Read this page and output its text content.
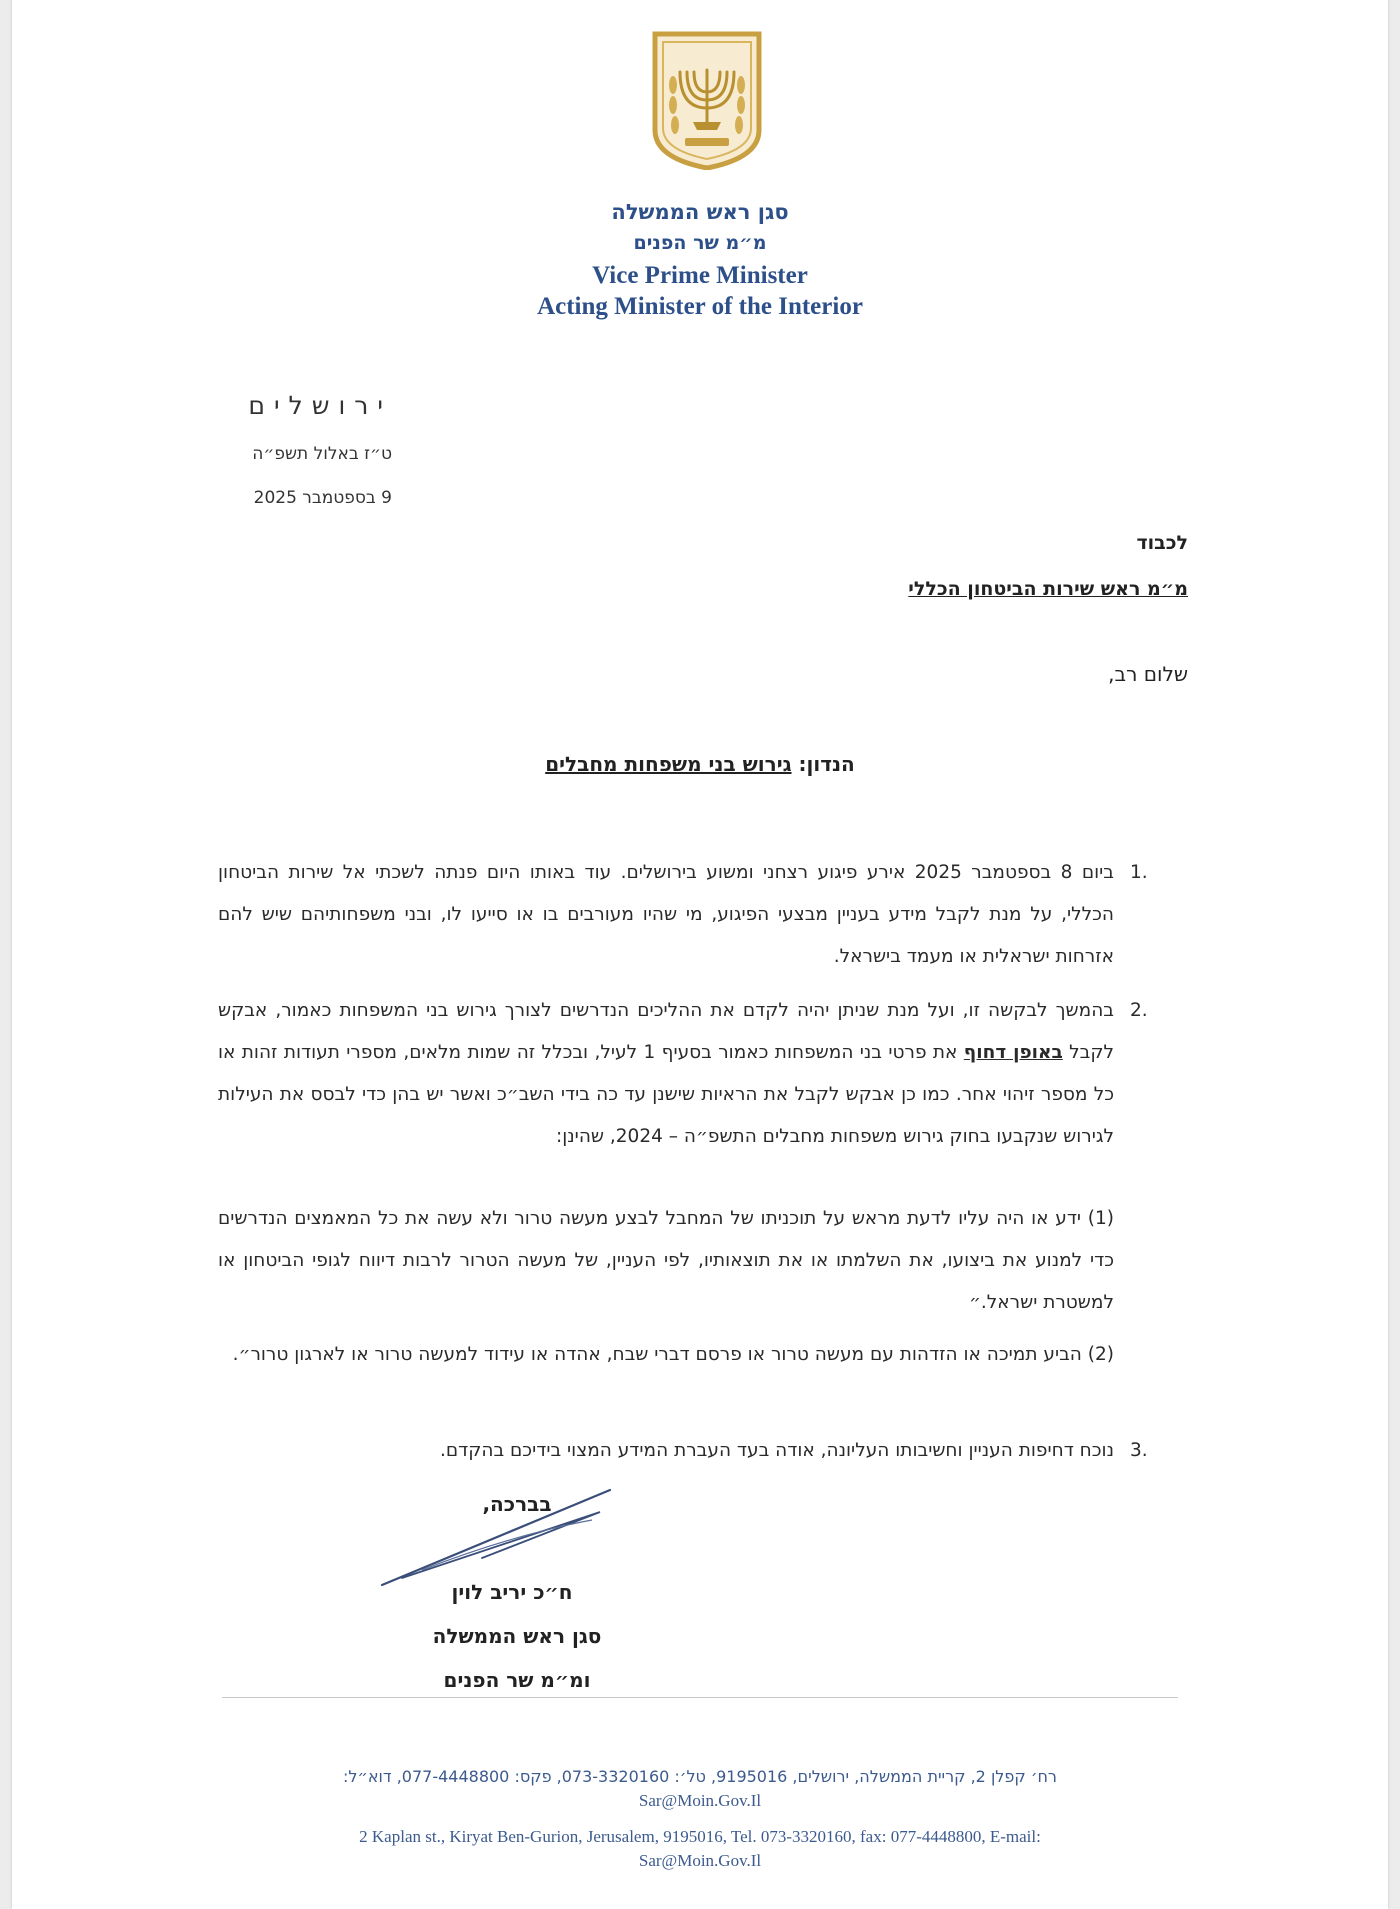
סגן ראש הממשלה
מ״מ שר הפנים
Vice Prime Minister
Acting Minister of the Interior
ירושלים
ט״ז באלול תשפ״ה
9 בספטמבר 2025
לכבוד
מ״מ ראש שירות הביטחון הכללי
שלום רב,
הנדון: גירוש בני משפחות מחבלים
1.
ביום 8 בספטמבר 2025 אירע פיגוע רצחני ומשוע בירושלים. עוד באותו היום פנתה לשכתי אל שירות הביטחון הכללי, על מנת לקבל מידע בעניין מבצעי הפיגוע, מי שהיו מעורבים בו או סייעו לו, ובני משפחותיהם שיש להם אזרחות ישראלית או מעמד בישראל.
2.
בהמשך לבקשה זו, ועל מנת שניתן יהיה לקדם את ההליכים הנדרשים לצורך גירוש בני המשפחות כאמור, אבקש לקבל באופן דחוף את פרטי בני המשפחות כאמור בסעיף 1 לעיל, ובכלל זה שמות מלאים, מספרי תעודות זהות או כל מספר זיהוי אחר. כמו כן אבקש לקבל את הראיות שישנן עד כה בידי השב״כ ואשר יש בהן כדי לבסס את העילות לגירוש שנקבעו בחוק גירוש משפחות מחבלים התשפ״ה – 2024, שהינן:
(1) ידע או היה עליו לדעת מראש על תוכניתו של המחבל לבצע מעשה טרור ולא עשה את כל המאמצים הנדרשים כדי למנוע את ביצועו, את השלמתו או את תוצאותיו, לפי העניין, של מעשה הטרור לרבות דיווח לגופי הביטחון או למשטרת ישראל.״
(2) הביע תמיכה או הזדהות עם מעשה טרור או פרסם דברי שבח, אהדה או עידוד למעשה טרור או לארגון טרור״.
3.
נוכח דחיפות העניין וחשיבותו העליונה, אודה בעד העברת המידע המצוי בידיכם בהקדם.
בברכה,
ח״כ יריב לוין
סגן ראש הממשלה
ומ״מ שר הפנים
רח׳ קפלן 2, קריית הממשלה, ירושלים, 9195016, טל׳: 073-3320160, פקס: 077-4448800, דוא״ל:
Sar@Moin.Gov.Il
2 Kaplan st., Kiryat Ben-Gurion, Jerusalem, 9195016, Tel. 073-3320160, fax: 077-4448800, E-mail:
Sar@Moin.Gov.Il
